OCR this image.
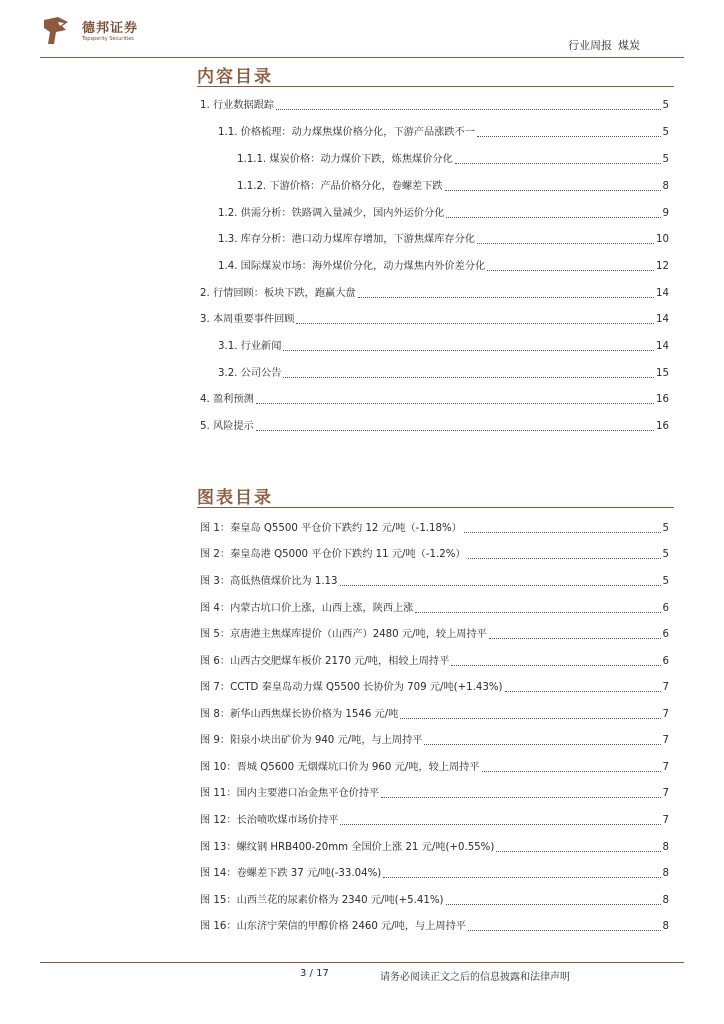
德邦证券
Topsperity Securities	行业周报 煤炭
内容目录
1. 行业数据跟踪	5
1.1. 价格梳理：动力煤焦煤价格分化，下游产品涨跌不一	5
1.1.1. 煤炭价格：动力煤价下跌，炼焦煤价分化	5
1.1.2. 下游价格：产品价格分化，卷螺差下跌	8
1.2. 供需分析：铁路调入量减少，国内外运价分化	9
1.3. 库存分析：港口动力煤库存增加，下游焦煤库存分化	10
1.4. 国际煤炭市场：海外煤价分化，动力煤焦内外价差分化	12
2. 行情回顾：板块下跌，跑赢大盘	14
3. 本周重要事件回顾	14
3.1. 行业新闻	14
3.2. 公司公告	15
4. 盈利预测	16
5. 风险提示	16
图表目录
图 1：秦皇岛 Q5500 平仓价下跌约 12 元/吨（-1.18%）	5
图 2：秦皇岛港 Q5000 平仓价下跌约 11 元/吨（-1.2%）	5
图 3：高低热值煤价比为 1.13	5
图 4：内蒙古坑口价上涨，山西上涨，陕西上涨	6
图 5：京唐港主焦煤库提价（山西产）2480 元/吨，较上周持平	6
图 6：山西古交肥煤车板价 2170 元/吨，相较上周持平	6
图 7：CCTD 秦皇岛动力煤 Q5500 长协价为 709 元/吨(+1.43%)	7
图 8：新华山西焦煤长协价格为 1546 元/吨	7
图 9：阳泉小块出矿价为 940 元/吨，与上周持平	7
图 10：晋城 Q5600 无烟煤坑口价为 960 元/吨，较上周持平	7
图 11：国内主要港口冶金焦平仓价持平	7
图 12：长治喷吹煤市场价持平	7
图 13：螺纹钢 HRB400-20mm 全国价上涨 21 元/吨(+0.55%)	8
图 14：卷螺差下跌 37 元/吨(-33.04%)	8
图 15：山西兰花的尿素价格为 2340 元/吨(+5.41%)	8
图 16：山东济宁荣信的甲醇价格 2460 元/吨，与上周持平	8
3 / 17	请务必阅读正文之后的信息披露和法律声明
